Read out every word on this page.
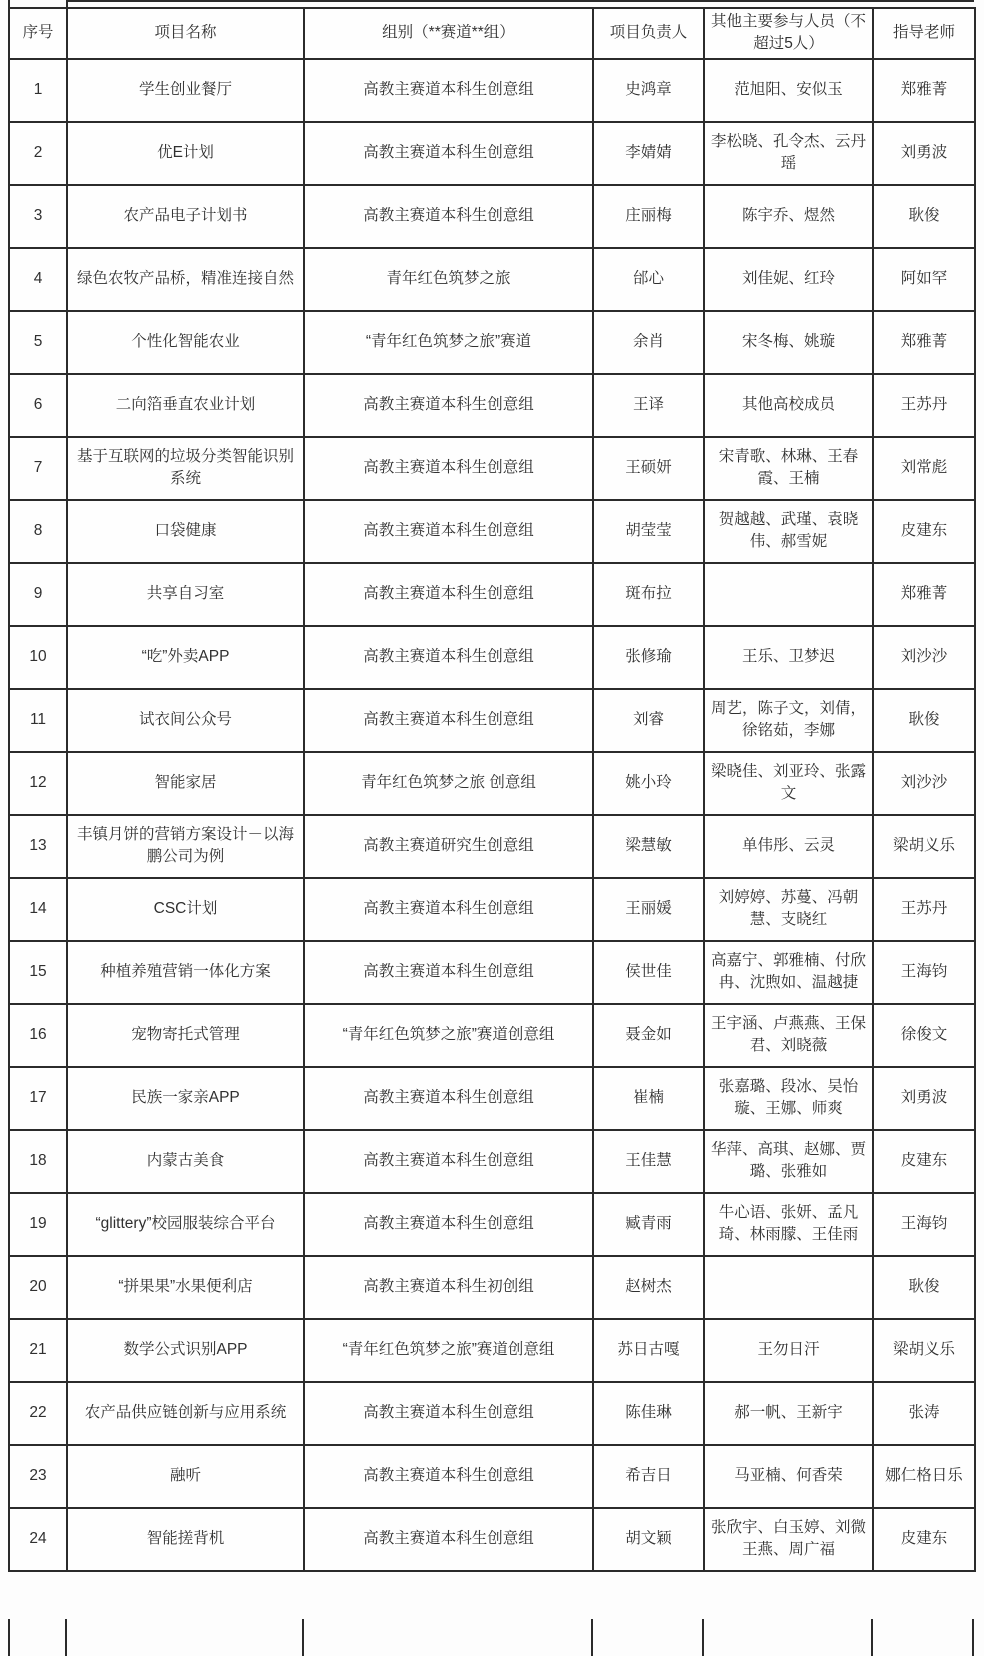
序号	项目名称	组别（**赛道**组）	项目负责人	其他主要参与人员（不超过5人）	指导老师
1	学生创业餐厅	高教主赛道本科生创意组	史鸿章	范旭阳、安似玉	郑雅菁
2	优E计划	高教主赛道本科生创意组	李婧婧	李松晓、孔令杰、云丹瑶	刘勇波
3	农产品电子计划书	高教主赛道本科生创意组	庄丽梅	陈宇乔、煜然	耿俊
4	绿色农牧产品桥，精准连接自然	青年红色筑梦之旅	邰心	刘佳妮、红玲	阿如罕
5	个性化智能农业	“青年红色筑梦之旅”赛道	余肖	宋冬梅、姚璇	郑雅菁
6	二向箔垂直农业计划	高教主赛道本科生创意组	王译	其他高校成员	王苏丹
7	基于互联网的垃圾分类智能识别系统	高教主赛道本科生创意组	王硕妍	宋青歌、林琳、王春霞、王楠	刘常彪
8	口袋健康	高教主赛道本科生创意组	胡莹莹	贺越越、武瑾、袁晓伟、郝雪妮	皮建东
9	共享自习室	高教主赛道本科生创意组	斑布拉		郑雅菁
10	“吃”外卖APP	高教主赛道本科生创意组	张修瑜	王乐、卫梦迟	刘沙沙
11	试衣间公众号	高教主赛道本科生创意组	刘睿	周艺，陈子文，刘倩，徐铭茹，李娜	耿俊
12	智能家居	青年红色筑梦之旅 创意组	姚小玲	梁晓佳、刘亚玲、张露文	刘沙沙
13	丰镇月饼的营销方案设计－以海鹏公司为例	高教主赛道研究生创意组	梁慧敏	单伟彤、云灵	梁胡义乐
14	CSC计划	高教主赛道本科生创意组	王丽媛	刘婷婷、苏蔓、冯朝慧、支晓红	王苏丹
15	种植养殖营销一体化方案	高教主赛道本科生创意组	侯世佳	高嘉宁、郭雅楠、付欣冉、沈煦如、温越捷	王海钧
16	宠物寄托式管理	“青年红色筑梦之旅”赛道创意组	聂金如	王宇涵、卢燕燕、王保君、刘晓薇	徐俊文
17	民族一家亲APP	高教主赛道本科生创意组	崔楠	张嘉璐、段冰、吴怡璇、王娜、师爽	刘勇波
18	内蒙古美食	高教主赛道本科生创意组	王佳慧	华萍、高琪、赵娜、贾璐、张雅如	皮建东
19	“glittery”校园服装综合平台	高教主赛道本科生创意组	臧青雨	牛心语、张妍、孟凡琦、林雨朦、王佳雨	王海钧
20	“拼果果”水果便利店	高教主赛道本科生初创组	赵树杰		耿俊
21	数学公式识别APP	“青年红色筑梦之旅”赛道创意组	苏日古嘎	王勿日汗	梁胡义乐
22	农产品供应链创新与应用系统	高教主赛道本科生创意组	陈佳琳	郝一帆、王新宇	张涛
23	融听	高教主赛道本科生创意组	希吉日	马亚楠、何香荣	娜仁格日乐
24	智能搓背机	高教主赛道本科生创意组	胡文颖	张欣宇、白玉婷、刘微 王燕、周广福	皮建东
